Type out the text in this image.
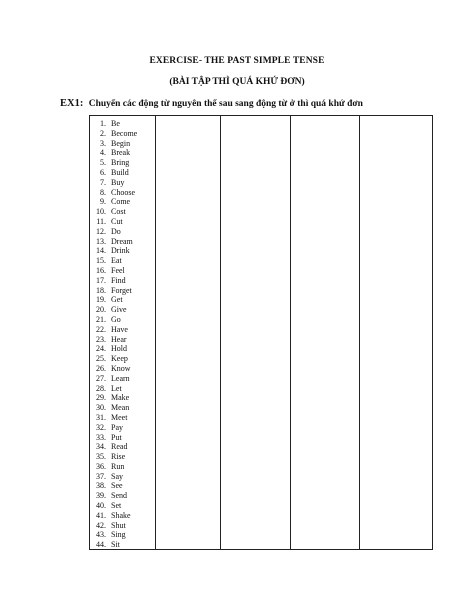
EXERCISE- THE PAST SIMPLE TENSE
(BÀI TẬP THÌ QUÁ KHỨ ĐƠN)
EX1: Chuyển các động từ nguyên thể sau sang động từ ở thì quá khứ đơn
1. Be
2. Become
3. Begin
4. Break
5. Bring
6. Build
7. Buy
8. Choose
9. Come
10. Cost
11. Cut
12. Do
13. Dream
14. Drink
15. Eat
16. Feel
17. Find
18. Forget
19. Get
20. Give
21. Go
22. Have
23. Hear
24. Hold
25. Keep
26. Know
27. Learn
28. Let
29. Make
30. Mean
31. Meet
32. Pay
33. Put
34. Read
35. Rise
36. Run
37. Say
38. See
39. Send
40. Set
41. Shake
42. Shut
43. Sing
44. Sit
